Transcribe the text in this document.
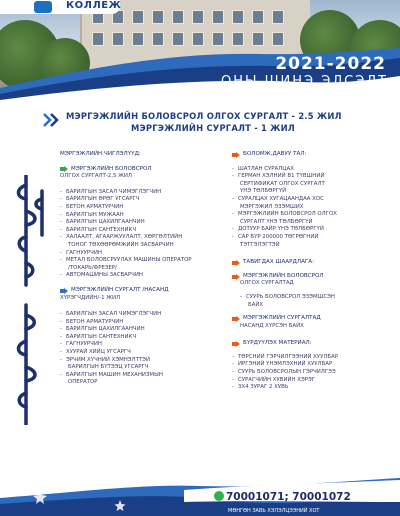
КОЛЛЕЖ
2021-2022
ОНЫ ШИНЭ ЭЛСЭЛТ
МЭРГЭЖЛИЙН БОЛОВСРОЛ ОЛГОХ СУРГАЛТ - 2.5 ЖИЛ
МЭРГЭЖЛИЙН СУРГАЛТ - 1 ЖИЛ
МЭРГЭЖЛИЙН ЧИГЛЭЛҮҮД:
МЭРГЭЖЛИЙН БОЛОВСРОЛ
ОЛГОХ СУРГАЛТ-2,5 ЖИЛ
- БАРИЛГЫН ЗАСАЛ ЧИМЭГЛЭГЧИН
- БАРИЛГЫН ӨРӨГ УГСАРГЧ
- БЕТОН АРМАТУРЧИН
- БАРИЛГЫН МУЖААН
- БАРИЛГЫН ЦАХИЛГААНЧИН
- БАРИЛГЫН САНТЕХНИКЧ
- ХАЛААЛТ, АГААРЖУУЛАЛТ, ХӨРГӨЛТИЙН
ТОНОГ ТӨХӨӨРӨМЖИЙН ЗАСВАРЧИН
- ГАГНУУРЧИН
- МЕТАЛ БОЛОВСРУУЛАХ МАШИНЫ ОПЕРАТОР
/ТОКАРЬ/ФРЕЗЕР/
- АВТОМАШИНЫ ЗАСВАРЧИН
МЭРГЭЖЛИЙН СУРГАЛТ /НАСАНД
ХҮРЭГЧДИЙН/-1 ЖИЛ
- БАРИЛГЫН ЗАСАЛ ЧИМЭГЛЭГЧИН
- БЕТОН АРМАТУРЧИН
- БАРИЛГЫН ЦАХИЛГААНЧИН
- БАРИЛГЫН САНТЕХНИКЧ
- ГАГНУУРЧИН
- ХУУРАЙ ХИЙЦ УГСАРГЧ
- ЭРЧИМ ХҮЧНИЙ ХЭМНЭЛТТЭЙ
БАРИЛГЫН БҮТЭЭЦ УГСАРГЧ
- БАРИЛГЫН МАШИН МЕХАНИЗМЫН
ОПЕРАТОР
БОЛОМЖ,ДАВУУ ТАЛ:
- ШАТЛАН СУРАЛЦАХ
- ГЕРМАН ХЭЛНИЙ B1 ТҮВШНИЙ
СЕРТИФИКАТ ОЛГОХ СУРГАЛТ
ҮНЭ ТӨЛБӨРГҮЙ
- СУРАЛЦАХ ХУГАЦААНДАА ХОС
МЭРГЭЖИЛ ЭЗЭМШИХ
- МЭРГЭЖЛИЙН БОЛОВСРОЛ ОЛГОХ
СУРГАЛТ ҮНЭ ТӨЛБӨРГҮЙ
- ДОТУУР БАЙР ҮНЭ ТӨЛБӨРГҮЙ
- САР БҮР 200000 ТӨГРӨГНИЙ
ТЭТГЭЛЭГТЭЙ
ТАВИГДАХ ШААРДЛАГА:
МЭРГЭЖЛИЙН БОЛОВСРОЛ
ОЛГОХ СУРГАЛТАД
- СУУРЬ БОЛОВСРОЛ ЭЗЭМШСЭН
БАЙХ
МЭРГЭЖЛИЙН СУРГАЛТАД
НАСАНД ХҮРСЭН БАЙХ
БҮРДҮҮЛЭХ МАТЕРИАЛ:
- ТӨРСНИЙ ГЭРЧИЛГЭЭНИЙ ХУУЛБАР
- ИРГЭНИЙ ҮНЭМЛЭХНИЙ ХУУЛБАР
- СУУРЬ БОЛОВСРОЛЫН ГЭРЧИЛГЭЭ
- СУРАГЧИЙН ХУВИЙН ХЭРЭГ
- 3Х4 ЗУРАГ 2 ХУВЬ
70001071; 70001072
МӨНГӨН ЗАВЬ ХЭЛЭЛЦЭЭНИЙ ХОТ
